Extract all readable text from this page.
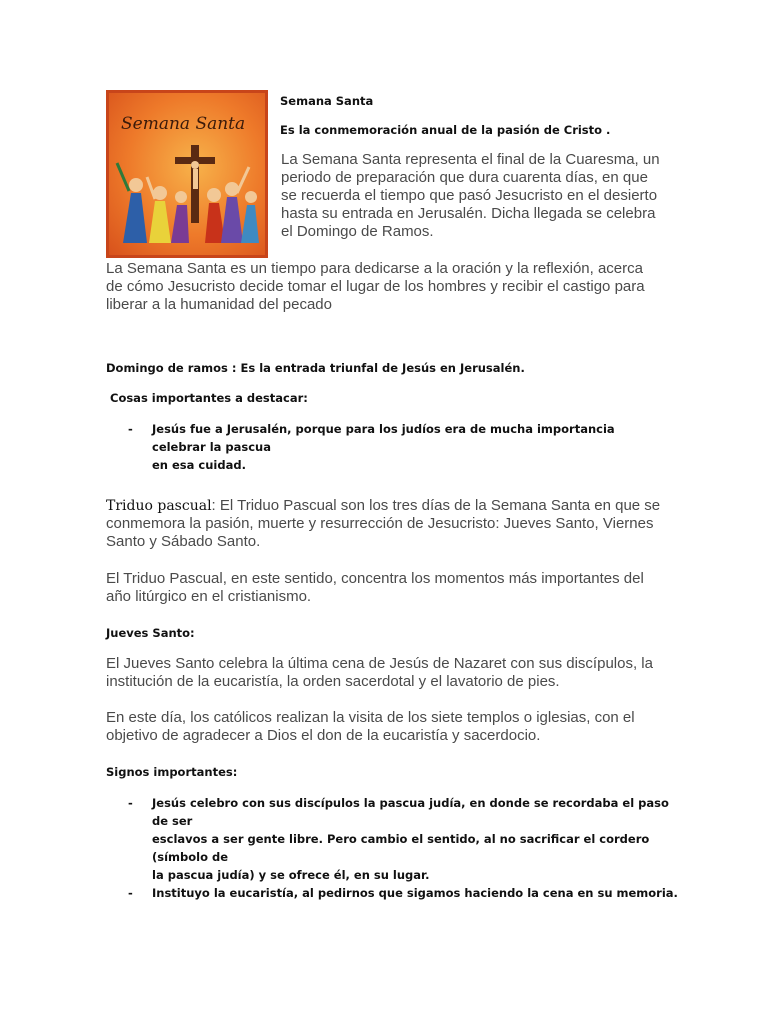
Semana Santa
Semana Santa
Es la conmemoración anual de la pasión de Cristo .
La Semana Santa representa el final de la Cuaresma, un
periodo de preparación que dura cuarenta días, en que
se recuerda el tiempo que pasó Jesucristo en el desierto
hasta su entrada en Jerusalén. Dicha llegada se celebra
el Domingo de Ramos.
La Semana Santa es un tiempo para dedicarse a la oración y la reflexión, acerca
de cómo Jesucristo decide tomar el lugar de los hombres y recibir el castigo para
liberar a la humanidad del pecado
Domingo de ramos : Es la entrada triunfal de Jesús en Jerusalén.
Cosas importantes a destacar:
- Jesús fue a Jerusalén, porque para los judíos era de mucha importancia celebrar la pascua
en esa cuidad.
Triduo pascual: El Triduo Pascual son los tres días de la Semana Santa en que se
conmemora la pasión, muerte y resurrección de Jesucristo: Jueves Santo, Viernes
Santo y Sábado Santo.
El Triduo Pascual, en este sentido, concentra los momentos más importantes del
año litúrgico en el cristianismo.
Jueves Santo:
El Jueves Santo celebra la última cena de Jesús de Nazaret con sus discípulos, la
institución de la eucaristía, la orden sacerdotal y el lavatorio de pies.
En este día, los católicos realizan la visita de los siete templos o iglesias, con el
objetivo de agradecer a Dios el don de la eucaristía y sacerdocio.
Signos importantes:
- Jesús celebro con sus discípulos la pascua judía, en donde se recordaba el paso de ser
esclavos a ser gente libre. Pero cambio el sentido, al no sacrificar el cordero (símbolo de
la pascua judía) y se ofrece él, en su lugar.
- Instituyo la eucaristía, al pedirnos que sigamos haciendo la cena en su memoria.
